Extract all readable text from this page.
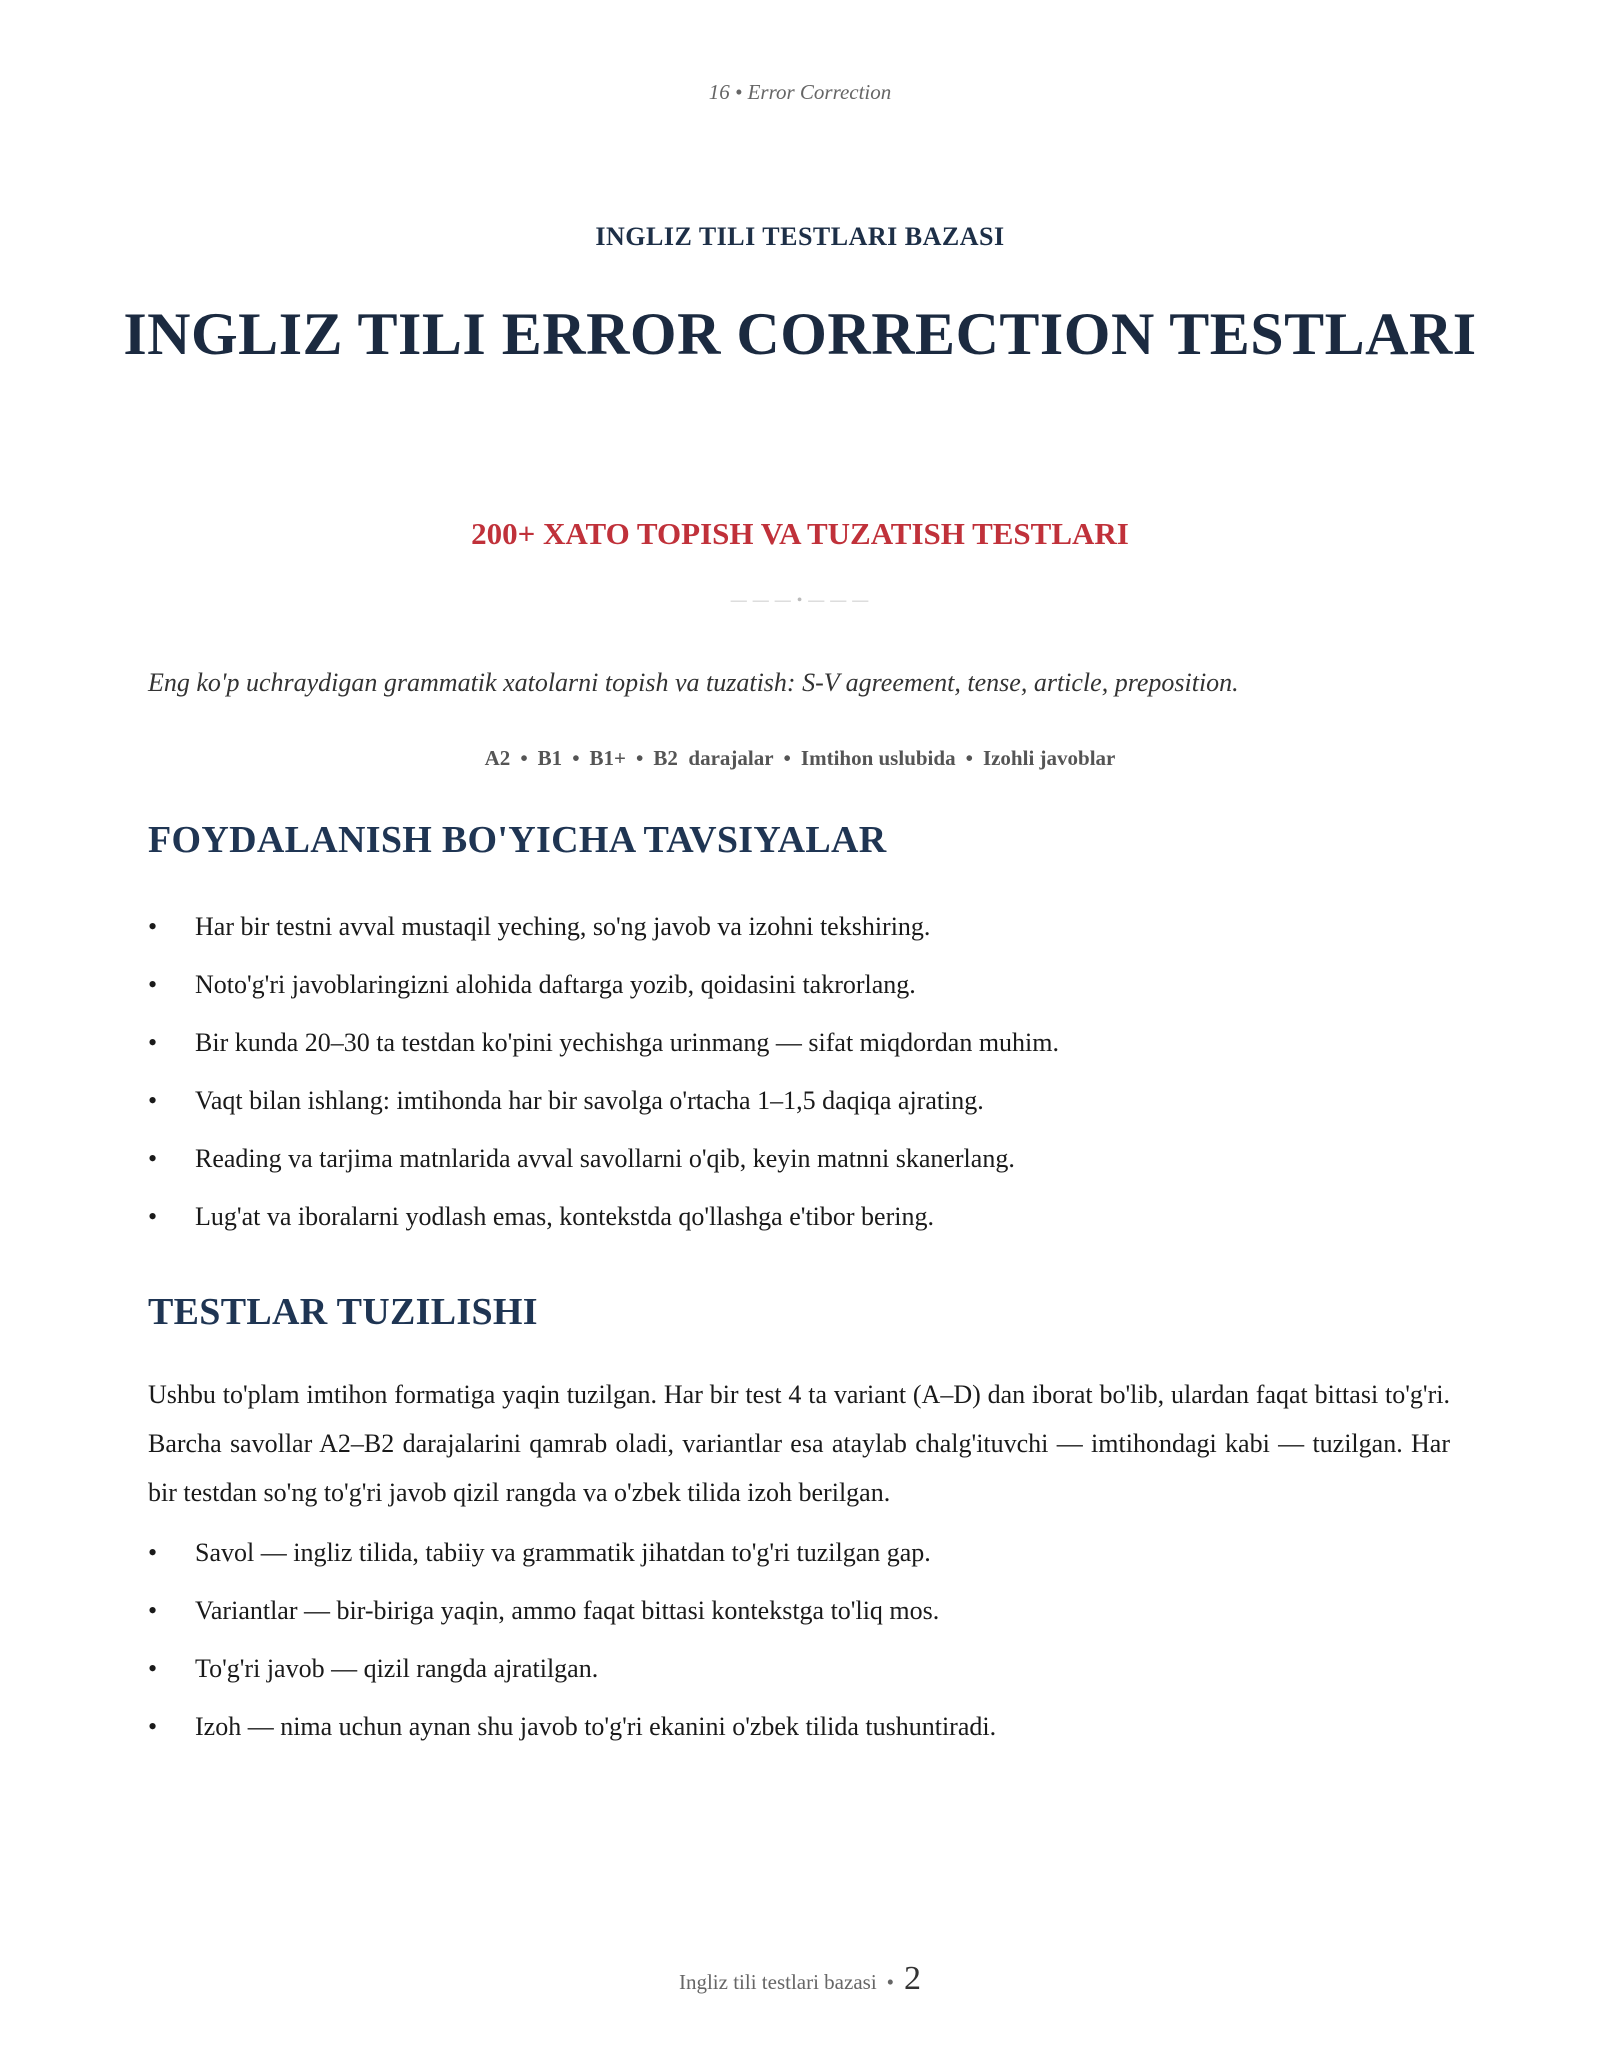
16 • Error Correction
INGLIZ TILI TESTLARI BAZASI
INGLIZ TILI ERROR CORRECTION TESTLARI
200+ XATO TOPISH VA TUZATISH TESTLARI
— — — • — — —
Eng ko'p uchraydigan grammatik xatolarni topish va tuzatish: S-V agreement, tense, article, preposition.
A2 • B1 • B1+ • B2  darajalar • Imtihon uslubida • Izohli javoblar
FOYDALANISH BO'YICHA TAVSIYALAR
• Har bir testni avval mustaqil yeching, so'ng javob va izohni tekshiring.
• Noto'g'ri javoblaringizni alohida daftarga yozib, qoidasini takrorlang.
• Bir kunda 20–30 ta testdan ko'pini yechishga urinmang — sifat miqdordan muhim.
• Vaqt bilan ishlang: imtihonda har bir savolga o'rtacha 1–1,5 daqiqa ajrating.
• Reading va tarjima matnlarida avval savollarni o'qib, keyin matnni skanerlang.
• Lug'at va iboralarni yodlash emas, kontekstda qo'llashga e'tibor bering.
TESTLAR TUZILISHI
Ushbu to'plam imtihon formatiga yaqin tuzilgan. Har bir test 4 ta variant (A–D) dan iborat bo'lib, ulardan faqat bittasi to'g'ri. Barcha savollar A2–B2 darajalarini qamrab oladi, variantlar esa ataylab chalg'ituvchi — imtihondagi kabi — tuzilgan. Har bir testdan so'ng to'g'ri javob qizil rangda va o'zbek tilida izoh berilgan.
• Savol — ingliz tilida, tabiiy va grammatik jihatdan to'g'ri tuzilgan gap.
• Variantlar — bir-biriga yaqin, ammo faqat bittasi kontekstga to'liq mos.
• To'g'ri javob — qizil rangda ajratilgan.
• Izoh — nima uchun aynan shu javob to'g'ri ekanini o'zbek tilida tushuntiradi.
Ingliz tili testlari bazasi • 2
